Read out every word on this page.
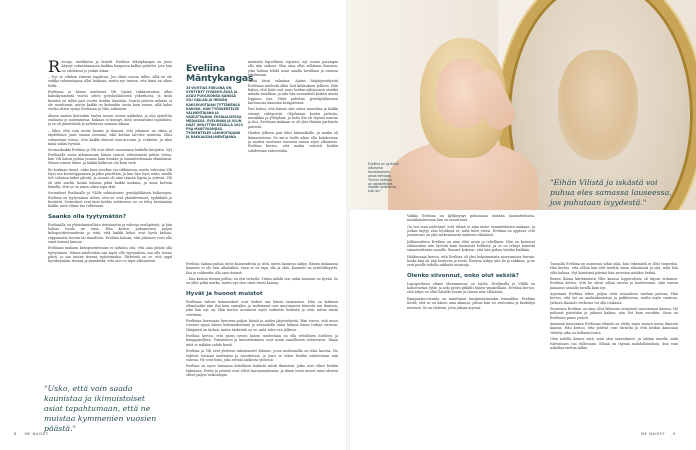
Rasvaja, mielikuvia ja brändi. Eveliina Mäntykangas on juuri käynyt valmentamassa kaikkia kaupassa kulkat palvelut, jota hän on odottanut jo jonkin aikaa.

– Nyt se vihdoin viimein tapahtuu. Jos olisin vuosia tullut, sillä en ole vaikka valmentajana ollut koskaan, mutta nyt tuntuu, että tämä on oikea hetki.

Eveliinan ja hänen miehensä Vili Ojalan rakkaustarina alkoi kaksikymmentä vuotta sitten jyväskyläläisestä yökerhosta, ja tästä kesästä on tullut pari vuotta heidän häistään. Suurin piirtein mikään ei ole muuttunut, mutta kaikki on kuitenkin toisin kuin ennen, sillä kaksi vuotta sitten syntyi Eveliinan ja Vilin esikoinen.

Alussa saatiin kuitenkin tuntea toinen toinen nakkeksi, ja niin ajateltiin rauhassa ja molemmissa. Kukaan ei tiennyt, mitä seuraavaksi tapahtuisi, ja se oli jännittävää ja pelottavaa samaan aikaan.

– Siksi, että voin tuoda kaunis ja ihmisiä, että jokainen on oikea ja täydellinen juuri omana itsenään, eikä ketään tarvitse muuttaa. Siksi valmentaja toivoo, että kaikki olisivat tasa-arvoisia ja rohkeita, ja siksi minä uskon hyvään.

Sormuskaikki Eveliina ja Vili ovat olleet sanomassa kaikelle kerjaista. Nyt Eveliinalle avoin aikomissaan hänen isänsä, vähemmistä pitäen tietoa, kun Vili halusi puhua jossain kuin itseään ja suunnittelemaan elämäänsä. Hänen isänsä tukee, ja kaikki kulkevat ohi kuin virta.

En koskaan tienyt, onko kora arvokas vai vihkimisen, mutta vahvoina Vili löysi sen kovahuppaaisen ja jäksi päivittäin, ja kun hän löysi uutta, meillä tuli suloinen kaksi päivää, ja asunto oli aina täynnä lapsia ja ystäviä. Vili oli tätä mieltä, koska halusin pitää kaikki mukana, ja minä kertoin hänelle, että se on ainoa oikea tapa elää.

Sormukset Eveliinalle ja Vilille valmistuivat jyväskyläläisen kultasepän. Eveliina on tyytyväinen siihen, että ne ovat yksinkertaiset, tyylikkäät ja kestävät. Sormukset ovat kuin heidän suhteensa: ne on tehty kestämään kaikki, mitä elämä tuo tullessaan.

Saanko olla tyytymätön?

Eveliinalla on yhteiskunnallista tietoisuutta ja vahvoja mielipiteitä, ja hän haluaa tuoda ne esiin. Hän kertoo puhuneensa paljon kehopositiivisuudesta ja siitä, että kaikki kehot ovat hyviä kehoja, riippumatta koosta tai muodosta. Eveliina haluaa, että jokainen voisi olla sinut itsensä kanssa.

Eveliinan mukaan kehopositiivisuus ei tarkoita sitä, että aina pitäisi olla tyytyväinen. Hänen mielestään saa myös olla tyytymätön, saa olla huono päivä, ja saa tuntea itsensä epävarmaksi. Tärkeintä on se, että oppii hyväksymään itsensä ja ymmärtää, että arvo ei riipu ulkonäöstä.

"Usko, että voin saada kaunistaa ja ikimuistoiset asiat tapahtumaan, että ne muistaa kymmenien vuosien päästä."
Eveliina Mäntykangas
34-VUOTIAS EVELIINA ON SYNTYNYT JYVÄSKYLÄSSÄ JA ASUU PUOLISONSA KANSSA VILI OJALAN JA HEIDÄN KAKSIVUOTIAAN TYTTÄRENSÄ KANSSA. HÄN TYÖSKENTELEE VALMENTAJANA JA VAIKUTTAJANA SOSIAALISESSA MEDIASSA. EVELIINAN JA VILIN HÄÄT JUHLITTIIN KESÄLLÄ 2023 PIIA MANTYKANGAS. TYÖKENTELEE LÄHIHOITAJANA JA RAKKAUSVALMENTAJANA.

mentalni lapsellinen topsessi, nyt osaan parempia olla niin siskoni. Olen aina ollut sellainen ihminen, joka haluaa tehdä asiat omalla tavallaan ja omassa tahdissaan.

Tästä tässä valmiina! Ajatus hääjärjestelyistä Eveliinan mielestä alkoi heti kihlauksen jälkeen. Hän halusi, että häät ovat juuri heidän näköisensä eivätkä mitään tavallisia, ja niin hän suunnitteli kaiken alusta loppuun itse. Häät pidettiin jyväskyläläisessä kartanossa kauniina kesäpäivänä.

Pari halusi, että häissä olisi vahva tunnelma ja kaikki vieraat viihtyisivät. Ohjelmaan kuului puheita, musiikkia ja yllätyksiä, ja koko ilta oli täynnä naurua ja iloa. Eveliinan mukaan se oli yksi elämän parhaista päivistä.

Häiden jälkeen pari lähti häämatkalle, ja matka oli ikimuistoinen. Se antoi heille aikaa olla kahdestaan ja nauttia toistensa seurasta ennen arjen alkamista. Eveliina kertoo, että matka vahvisti heidän suhdettaan entisestään.

Eveliina haluaa puhua myös kauneudesta ja siitä, miten kauneus näkyy. Hänen mukaansa kauneus ei ole vain ulkonäköä, vaan se on tapa olla ja elää. Kauneus on ystävällisyyttä, iloa ja rohkeutta olla oma itsensä.

– Kun katson itseäni peiliin, en etsi virheitä. Yritän nähdä sen, mikä minussa on hyvää. Se on ollut pitkä matka, mutta nyt olen sinut itseni kanssa.

Hyvät ja huonot muistot

Eveliinan vahvat kokemukset ovat tärkeä osa hänen tarinaansa. Hän on kokenut elämässään niin iloa kuin suruakin, ja molemmat ovat muovanneet hänestä sen ihmisen, joka hän nyt on. Hän kertoo avoimesti myös vaikeista hetkistä ja siitä, miten niistä selvitään.

Eveliinan kerrotaan kertovan paljon häistä ja niiden järjestelyistä. Hän toivoo, että muut voisivat oppia hänen kokemuksistaan ja suunnitella omat häänsä ilman turhaa stressiä. Hääpäivä on tärkeä, mutta tärkeintä on se, mitä tulee sen jälkeen.

Eveliina kertoo, että paras neuvo hänen mielestään on olla rehellinen itselleen ja kumppanilleen. Puhuminen ja kuunteleminen ovat avain onnelliseen suhteeseen. Ilman niitä ei mikään suhde kestä.

Eveliina ja Vili ovat yhdessä rakentaneet elämän, jossa molemmilla on tilaa kasvaa. He tukevat toisiaan unelmissa ja tavoitteissa, ja juuri se tekee heidän suhteestaan niin vahvan. He ovat tiimi, joka selviää kaikesta yhdessä.

Eveliina on myös tarinassa kiitollinen kaikista niistä ihmisistä, jotka ovat olleet heidän tukenaan. Perhe ja ystävät ovat olleet korvaamattomia, ja ilman heitä monet asiat olisivat olleet paljon vaikeampia.

8 ME NAISET
Eveliina on pyrkinyt
aikuisena
kaunistamaan
omaa kehoaan.
"Ennen kaikkea
on rakastettava
itseään sellaisena,
kuin on."

Vaikka Eveliina on kyllästynyt puhumaan isistään haastatteluissa, moukkaudessaan hän on innostunut.

On sen aina näyttänyt, että elämä ei aina mene suunnitelmien mukaan, ja joskus täytyy vain hyväksyä se, mitä tulee eteen. Eveliina on oppinut, että joustavuus on yksi tärkeimmistä taidoista elämässä.

Julkisuudessa Eveliina on aina ollut avoin ja rehellinen. Hän on kertonut elämästään niin hyvistä kuin huonoista hetkistä, ja se on tehnyt hänestä samaistuttavan monille. Ihmiset kokevat, että hän puhuu heidän kieltään.

Hääkuvaaja kertoo, että Eveliina oli yksi helpoimmista morsiamista kuvata, koska hän oli niin luonteva ja rento. Kuvissa näkyy aito ilo ja rakkaus, ja ne ovat parille todella rakkaita muistoja.

Olenko siivonnut, onko olut seksiä?

Lapsiperheen elämä Muuramessa on täyttä. Eveliinalla ja Vilillä on kaksivuotias tytär, ja arki pyörii pitkälti hänen ympärillään. Eveliina kertoo, että äitiys on ollut hänelle suurin ja ihanin asia elämässä.

Kampaamo-vierailu on muuttunut kuukausittaiseksi rituaaliksi. Eveliina tietää, että se on hänen oma aikansa, jolloin hän voi rentoutua ja keskittyä itseensä. Se on tärkeää, jotta jaksaa arjessa.

"Eihän Vilistä ja iskästä voi puhua eles samassa lauseessa, jos puhutaan isyydestä."

Toisaalta Eveliina on muistona sekin aika, kun tekemistä ei ollut tarpeeksi. Hän kertoo, että silloin hän ehti miettiä omaa elämäänsä ja sitä, mitä hän siltä haluaa. Nyt kiireisinä päivinä hän arvostaa niitäkin hetkiä.

Ennen Ilonaa kärttämässä Vilin kanssa lopputulosta oli täysin erilainen. Eveliina kertoo, että he olivat silloin nuoria ja huolettomia, eikä vastuu painanut samalla tavalla kuin nyt.

Arjessaan Eveliina tekee paljon töitä sosiaalisen median parissa. Hän kertoo, että työ on mielenkiintoista ja palkitsevaa, mutta myös vaativaa. Jatkuva läsnäolo verkossa voi olla raskasta.

Sisareista Eveliina on aina ollut läheinen erityisesti nuorimman kanssa. He puhuvat päivittäin ja jakavat kaiken, niin ilot kuin surutkin. Sisar on Eveliinan paras ystävä.

Aiemmin kasvaneen Eveliinan elämää on eletty myös monen muun ihmisen kanssa. Hän kertoo, että ystävät ovat tärkeitä ja että heidän kanssaan vietetty aika on kullanarvoista.

Olen todella iloinen siitä, mitä olen saavuttanut, ja odotan innolla, mitä tulevaisuus tuo tullessaan. Elämä on täynnä mahdollisuuksia, kun vain uskaltaa tarttua niihin.

ME NAISET 9
